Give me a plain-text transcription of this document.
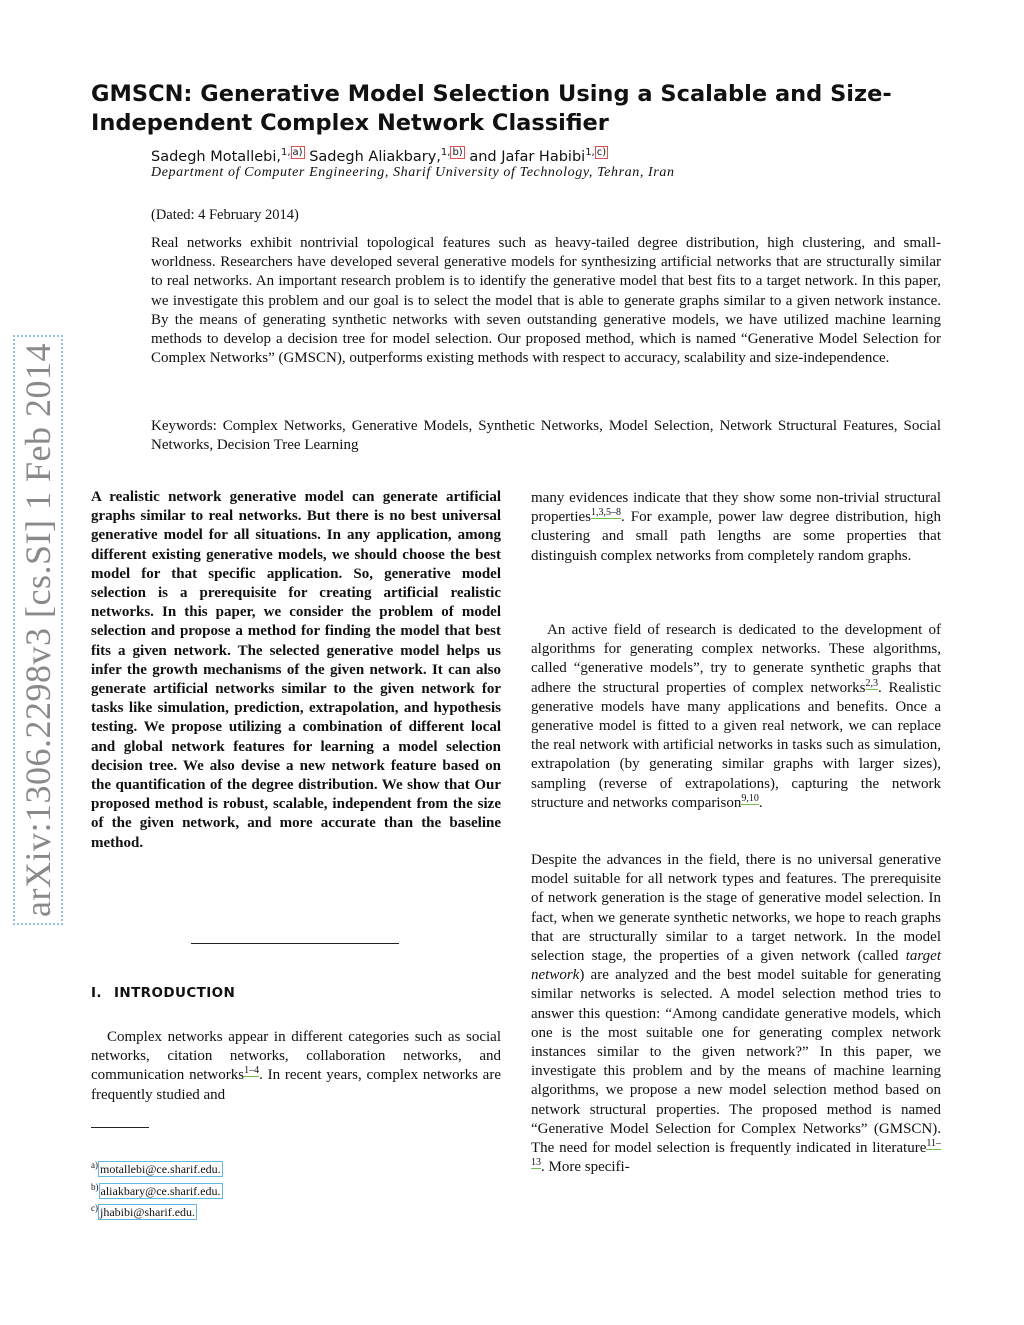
arXiv:1306.2298v3 [cs.SI] 1 Feb 2014
GMSCN: Generative Model Selection Using a Scalable and Size-Independent Complex Network Classifier
Sadegh Motallebi,$^{1, a)}$ Sadegh Aliakbary,$^{1, b)}$ and Jafar Habibi$^{1, c)}$
Department of Computer Engineering, Sharif University of Technology, Tehran, Iran
(Dated: 4 February 2014)

Real networks exhibit nontrivial topological features such as heavy-tailed degree distribution, high clustering, and small-worldness. Researchers have developed several generative models for synthesizing artificial networks that are structurally similar to real networks. An important research problem is to identify the generative model that best fits to a target network. In this paper, we investigate this problem and our goal is to select the model that is able to generate graphs similar to a given network instance. By the means of generating synthetic networks with seven outstanding generative models, we have utilized machine learning methods to develop a decision tree for model selection. Our proposed method, which is named “Generative Model Selection for Complex Networks” (GMSCN), outperforms existing methods with respect to accuracy, scalability and size-independence.

Keywords: Complex Networks, Generative Models, Synthetic Networks, Model Selection, Network Structural Features, Social Networks, Decision Tree Learning

A realistic network generative model can generate artificial graphs similar to real networks. But there is no best universal generative model for all situations. In any application, among different existing generative models, we should choose the best model for that specific application. So, generative model selection is a prerequisite for creating artificial realistic networks. In this paper, we consider the problem of model selection and propose a method for finding the model that best fits a given network. The selected generative model helps us infer the growth mechanisms of the given network. It can also generate artificial networks similar to the given network for tasks like simulation, prediction, extrapolation, and hypothesis testing. We propose utilizing a combination of different local and global network features for learning a model selection decision tree. We also devise a new network feature based on the quantification of the degree distribution. We show that Our proposed method is robust, scalable, independent from the size of the given network, and more accurate than the baseline method.

I. INTRODUCTION

Complex networks appear in different categories such as social networks, citation networks, collaboration networks, and communication networks$^{1-4}$. In recent years, complex networks are frequently studied and

$^{a)}$ motallebi@ce.sharif.edu.
$^{b)}$ aliakbary@ce.sharif.edu.
$^{c)}$ jhabibi@sharif.edu.

many evidences indicate that they show some non-trivial structural properties$^{1,3,5-8}$. For example, power law degree distribution, high clustering and small path lengths are some properties that distinguish complex networks from completely random graphs.

An active field of research is dedicated to the development of algorithms for generating complex networks. These algorithms, called “generative models”, try to generate synthetic graphs that adhere the structural properties of complex networks$^{2,3}$. Realistic generative models have many applications and benefits. Once a generative model is fitted to a given real network, we can replace the real network with artificial networks in tasks such as simulation, extrapolation (by generating similar graphs with larger sizes), sampling (reverse of extrapolations), capturing the network structure and networks comparison$^{9,10}$.

Despite the advances in the field, there is no universal generative model suitable for all network types and features. The prerequisite of network generation is the stage of generative model selection. In fact, when we generate synthetic networks, we hope to reach graphs that are structurally similar to a target network. In the model selection stage, the properties of a given network (called target network) are analyzed and the best model suitable for generating similar networks is selected. A model selection method tries to answer this question: “Among candidate generative models, which one is the most suitable one for generating complex network instances similar to the given network?” In this paper, we investigate this problem and by the means of machine learning algorithms, we propose a new model selection method based on network structural properties. The proposed method is named “Generative Model Selection for Complex Networks” (GMSCN). The need for model selection is frequently indicated in literature$^{11-13}$. More specifi-
